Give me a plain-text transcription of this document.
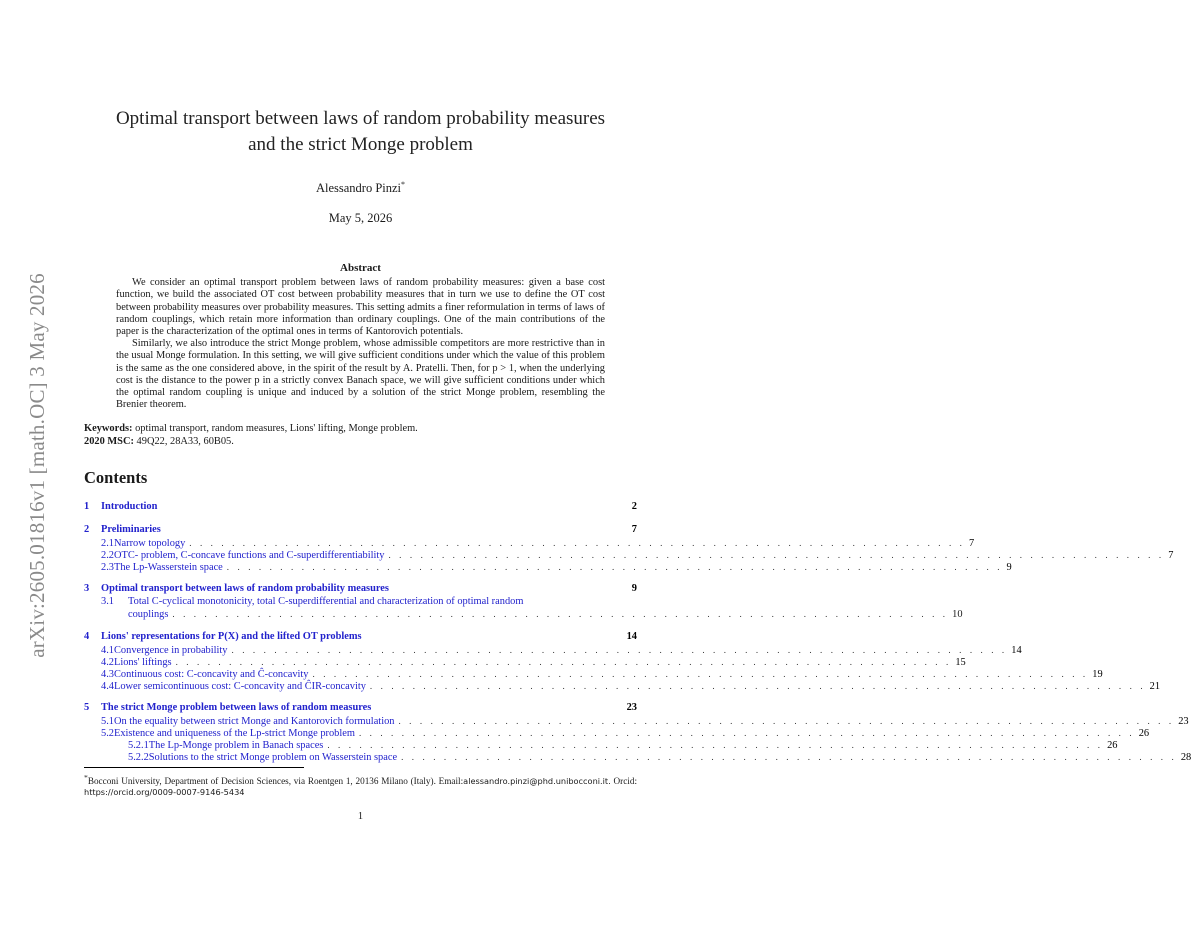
arXiv:2605.01816v1 [math.OC] 3 May 2026
Optimal transport between laws of random probability measures
and the strict Monge problem
Alessandro Pinzi*
May 5, 2026
Abstract

We consider an optimal transport problem between laws of random probability measures: given a base cost function, we build the associated OT cost between probability measures that in turn we use to define the OT cost between probability measures over probability measures. This setting admits a finer reformulation in terms of laws of random couplings, which retain more information than ordinary couplings. One of the main contributions of the paper is the characterization of the optimal ones in terms of Kantorovich potentials.

Similarly, we also introduce the strict Monge problem, whose admissible competitors are more restrictive than in the usual Monge formulation. In this setting, we will give sufficient conditions under which the value of this problem is the same as the one considered above, in the spirit of the result by A. Pratelli. Then, for p > 1, when the underlying cost is the distance to the power p in a strictly convex Banach space, we will give sufficient conditions under which the optimal random coupling is unique and induced by a solution of the strict Monge problem, resembling the Brenier theorem.

Keywords: optimal transport, random measures, Lions' lifting, Monge problem.
2020 MSC: 49Q22, 28A33, 60B05.
Contents
1	Introduction	2
2	Preliminaries	7
2.1 Narrow topology . . . . . . . . . . . . . . . . . . . . . . . . . . . . . . . . . . . . . . . . . . . . . . . . . . . . . . . . . . . . . . . . . . . . . . . . . 7
2.2 OTC- problem, C-concave functions and C-superdifferentiability . . . . . . . . . . . . . . . . . . . . . . . . . . . . . . . . . . . . . . . . . . . . . . . . . . . . . . . . . . . . . . . . . . . . . . . . . 7
2.3 The Lp-Wasserstein space . . . . . . . . . . . . . . . . . . . . . . . . . . . . . . . . . . . . . . . . . . . . . . . . . . . . . . . . . . . . . . . . . . . . . . . . . 9
3	Optimal transport between laws of random probability measures	9
3.1	Total C-cyclical monotonicity, total C-superdifferential and characterization of optimal random
couplings . . . . . . . . . . . . . . . . . . . . . . . . . . . . . . . . . . . . . . . . . . . . . . . . . . . . . . . . . . . . . . . . . . . . . . . . . 10
4	Lions' representations for P(X) and the lifted OT problems	14
4.1 Convergence in probability . . . . . . . . . . . . . . . . . . . . . . . . . . . . . . . . . . . . . . . . . . . . . . . . . . . . . . . . . . . . . . . . . . . . . . . . . 14
4.2 Lions' liftings . . . . . . . . . . . . . . . . . . . . . . . . . . . . . . . . . . . . . . . . . . . . . . . . . . . . . . . . . . . . . . . . . . . . . . . . . 15
4.3 Continuous cost: C-concavity and Ĉ-concavity . . . . . . . . . . . . . . . . . . . . . . . . . . . . . . . . . . . . . . . . . . . . . . . . . . . . . . . . . . . . . . . . . . . . . . . . . 19
4.4 Lower semicontinuous cost: C-concavity and ĈIR-concavity . . . . . . . . . . . . . . . . . . . . . . . . . . . . . . . . . . . . . . . . . . . . . . . . . . . . . . . . . . . . . . . . . . . . . . . . . 21
5	The strict Monge problem between laws of random measures	23
5.1 On the equality between strict Monge and Kantorovich formulation . . . . . . . . . . . . . . . . . . . . . . . . . . . . . . . . . . . . . . . . . . . . . . . . . . . . . . . . . . . . . . . . . . . . . . . . . 23
5.2 Existence and uniqueness of the Lp-strict Monge problem . . . . . . . . . . . . . . . . . . . . . . . . . . . . . . . . . . . . . . . . . . . . . . . . . . . . . . . . . . . . . . . . . . . . . . . . . 26
5.2.1 The Lp-Monge problem in Banach spaces . . . . . . . . . . . . . . . . . . . . . . . . . . . . . . . . . . . . . . . . . . . . . . . . . . . . . . . . . . . . . . . . . . . . . . . . . 26
5.2.2 Solutions to the strict Monge problem on Wasserstein space . . . . . . . . . . . . . . . . . . . . . . . . . . . . . . . . . . . . . . . . . . . . . . . . . . . . . . . . . . . . . . . . . . . . . . . . . 28
*Bocconi University, Department of Decision Sciences, via Roentgen 1, 20136 Milano (Italy). Email:alessandro.pinzi@phd.unibocconi.it. Orcid: https://orcid.org/0009-0007-9146-5434
1
